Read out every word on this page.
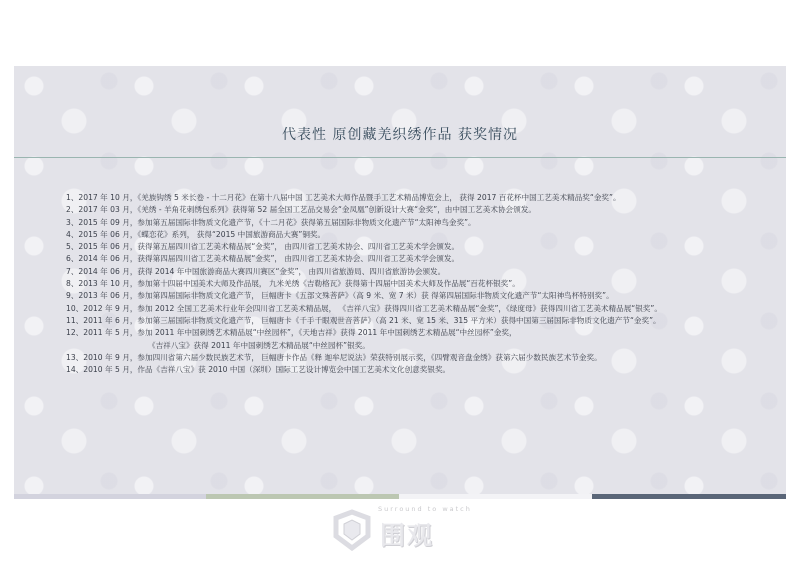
代表性 原创藏羌织绣作品 获奖情况
1、2017 年 10 月，《羌族钩绣 5 米长卷 - 十二月花》在第十八届中国 工艺美术大师作品暨手工艺术精品博览会上， 获得 2017 百花杯中国工艺美术精品奖“金奖”。
2、2017 年 03 月，《羌绣 - 羊角花刺绣包系列》获得第 52 届全国工艺品交易会“金凤凰”创新设计大赛“金奖”，由中国工艺美术协会颁发。
3、2015 年 09 月，参加第五届国际非物质文化遗产节，《十二月花》获得第五届国际非物质文化遗产节“太阳神鸟金奖”。
4、2015 年 06 月，《蝶恋花》系列， 获得“2015 中国旅游商品大赛”铜奖。
5、2015 年 06 月，获得第五届四川省工艺美术精品展“金奖”， 由四川省工艺美术协会、四川省工艺美术学会颁发。
6、2014 年 06 月，获得第四届四川省工艺美术精品展“金奖”， 由四川省工艺美术协会、四川省工艺美术学会颁发。
7、2014 年 06 月，获得 2014 年中国旅游商品大赛四川赛区“金奖”， 由四川省旅游局、四川省旅游协会颁发。
8、2013 年 10 月，参加第十四届中国美术大师及作品展， 九米羌绣《吉勒格瓦》获得第十四届中国美术大师及作品展“百花杯银奖”。
9、2013 年 06 月，参加第四届国际非物质文化遗产节， 巨幅唐卡《五部文殊菩萨》（高 9 米、宽 7 米）获 得第四届国际非物质文化遗产节“太阳神鸟杯特别奖”。
10、2012 年 9 月，参加 2012 全国工艺美术行业年会四川省工艺美术精品展， 《吉祥八宝》获得四川省工艺美术精品展“金奖”，《绿度母》获得四川省工艺美术精品展“银奖”。
11、2011 年 6 月，参加第三届国际非物质文化遗产节， 巨幅唐卡《千手千眼观世音菩萨》（高 21 米、宽 15 米、315 平方米）获得中国第三届国际非物质文化遗产节“金奖”。
12、2011 年 5 月，参加 2011 年中国刺绣艺术精品展“中丝园杯”，《天地吉祥》获得 2011 年中国刺绣艺术精品展“中丝园杯”金奖，
《吉祥八宝》获得 2011 年中国刺绣艺术精品展“中丝园杯”银奖。
13、2010 年 9 月，参加四川省第六届少数民族艺术节， 巨幅唐卡作品《释 迦牟尼说法》荣获特别展示奖，《四臂观音盘金绣》获第六届少数民族艺术节金奖。
14、2010 年 5 月，作品《吉祥八宝》获 2010 中国（深圳）国际工艺设计博览会中国工艺美术文化创意奖银奖。
Surround to watch
围观
